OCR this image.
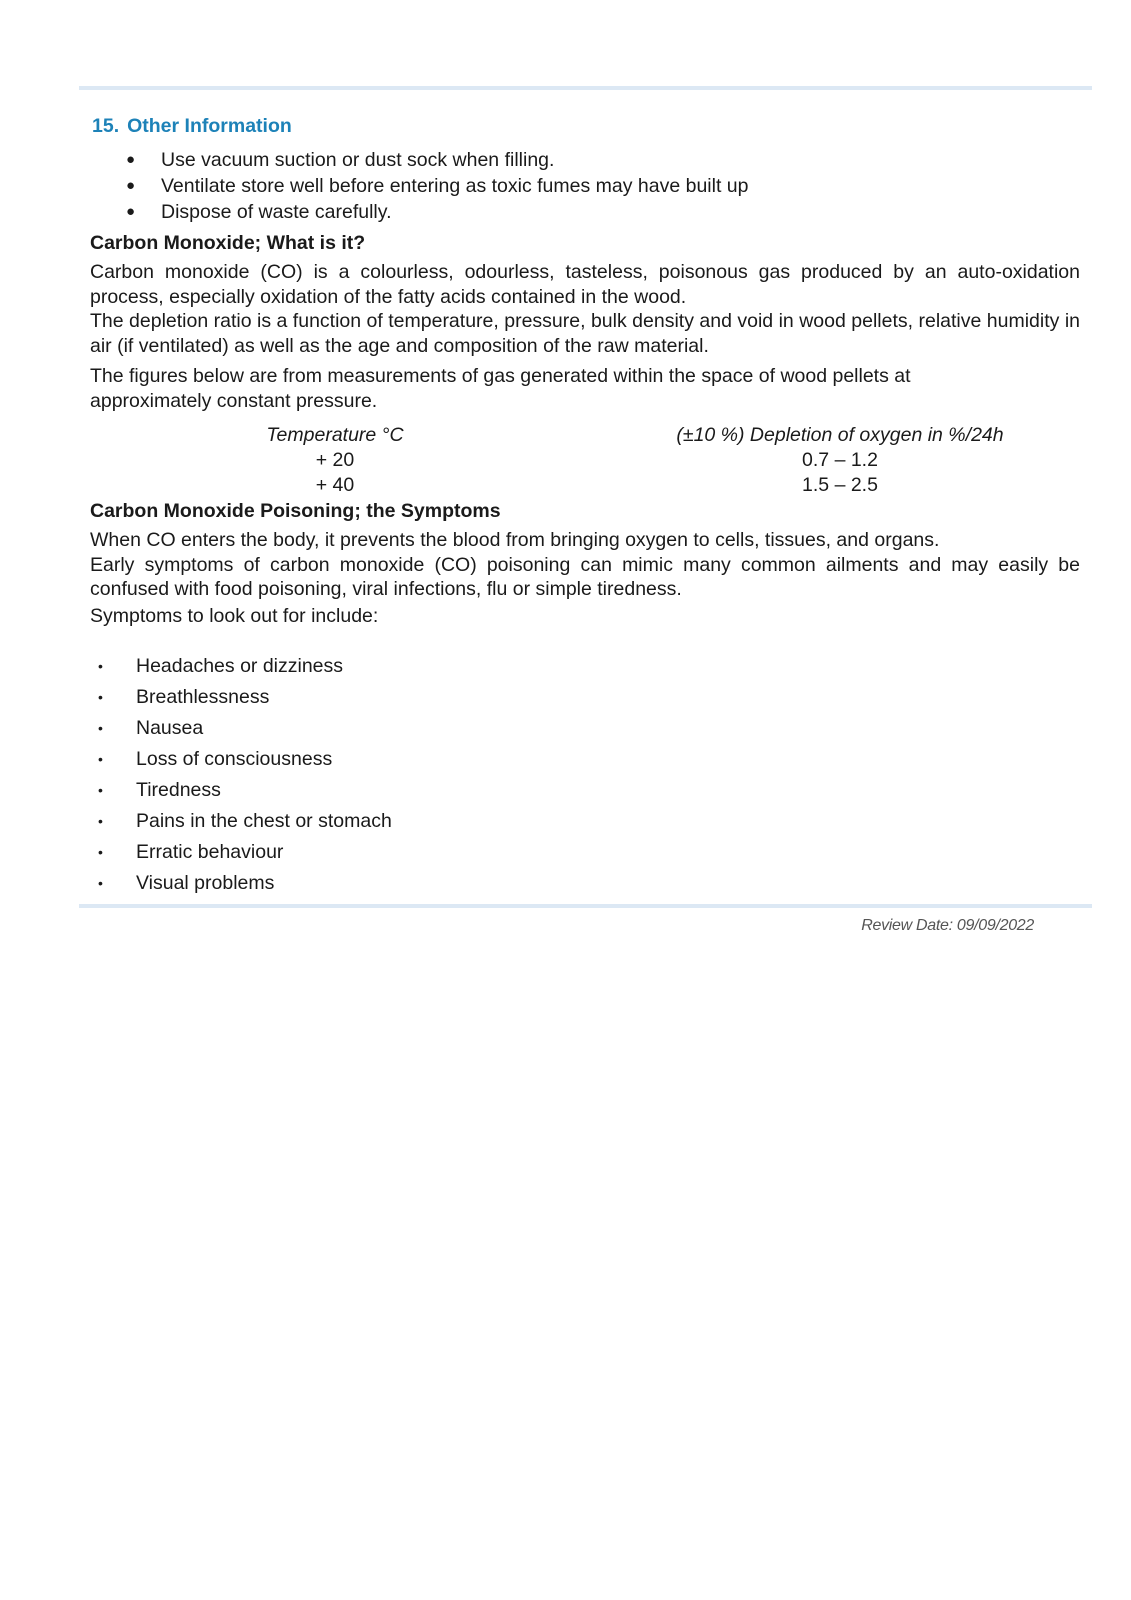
15. Other Information
● Use vacuum suction or dust sock when filling.
● Ventilate store well before entering as toxic fumes may have built up
● Dispose of waste carefully.
Carbon Monoxide; What is it?

Carbon monoxide (CO) is a colourless, odourless, tasteless, poisonous gas produced by an auto-oxidation process, especially oxidation of the fatty acids contained in the wood.

The depletion ratio is a function of temperature, pressure, bulk density and void in wood pellets, relative humidity in air (if ventilated) as well as the age and composition of the raw material.

The figures below are from measurements of gas generated within the space of wood pellets at approximately constant pressure.

Temperature °C
+ 20
+ 40
(±10 %) Depletion of oxygen in %/24h
0.7 – 1.2
1.5 – 2.5
Carbon Monoxide Poisoning; the Symptoms

When CO enters the body, it prevents the blood from bringing oxygen to cells, tissues, and organs.

Early symptoms of carbon monoxide (CO) poisoning can mimic many common ailments and may easily be confused with food poisoning, viral infections, flu or simple tiredness.

Symptoms to look out for include:
• Headaches or dizziness
• Breathlessness
• Nausea
• Loss of consciousness
• Tiredness
• Pains in the chest or stomach
• Erratic behaviour
• Visual problems
Review Date: 09/09/2022
